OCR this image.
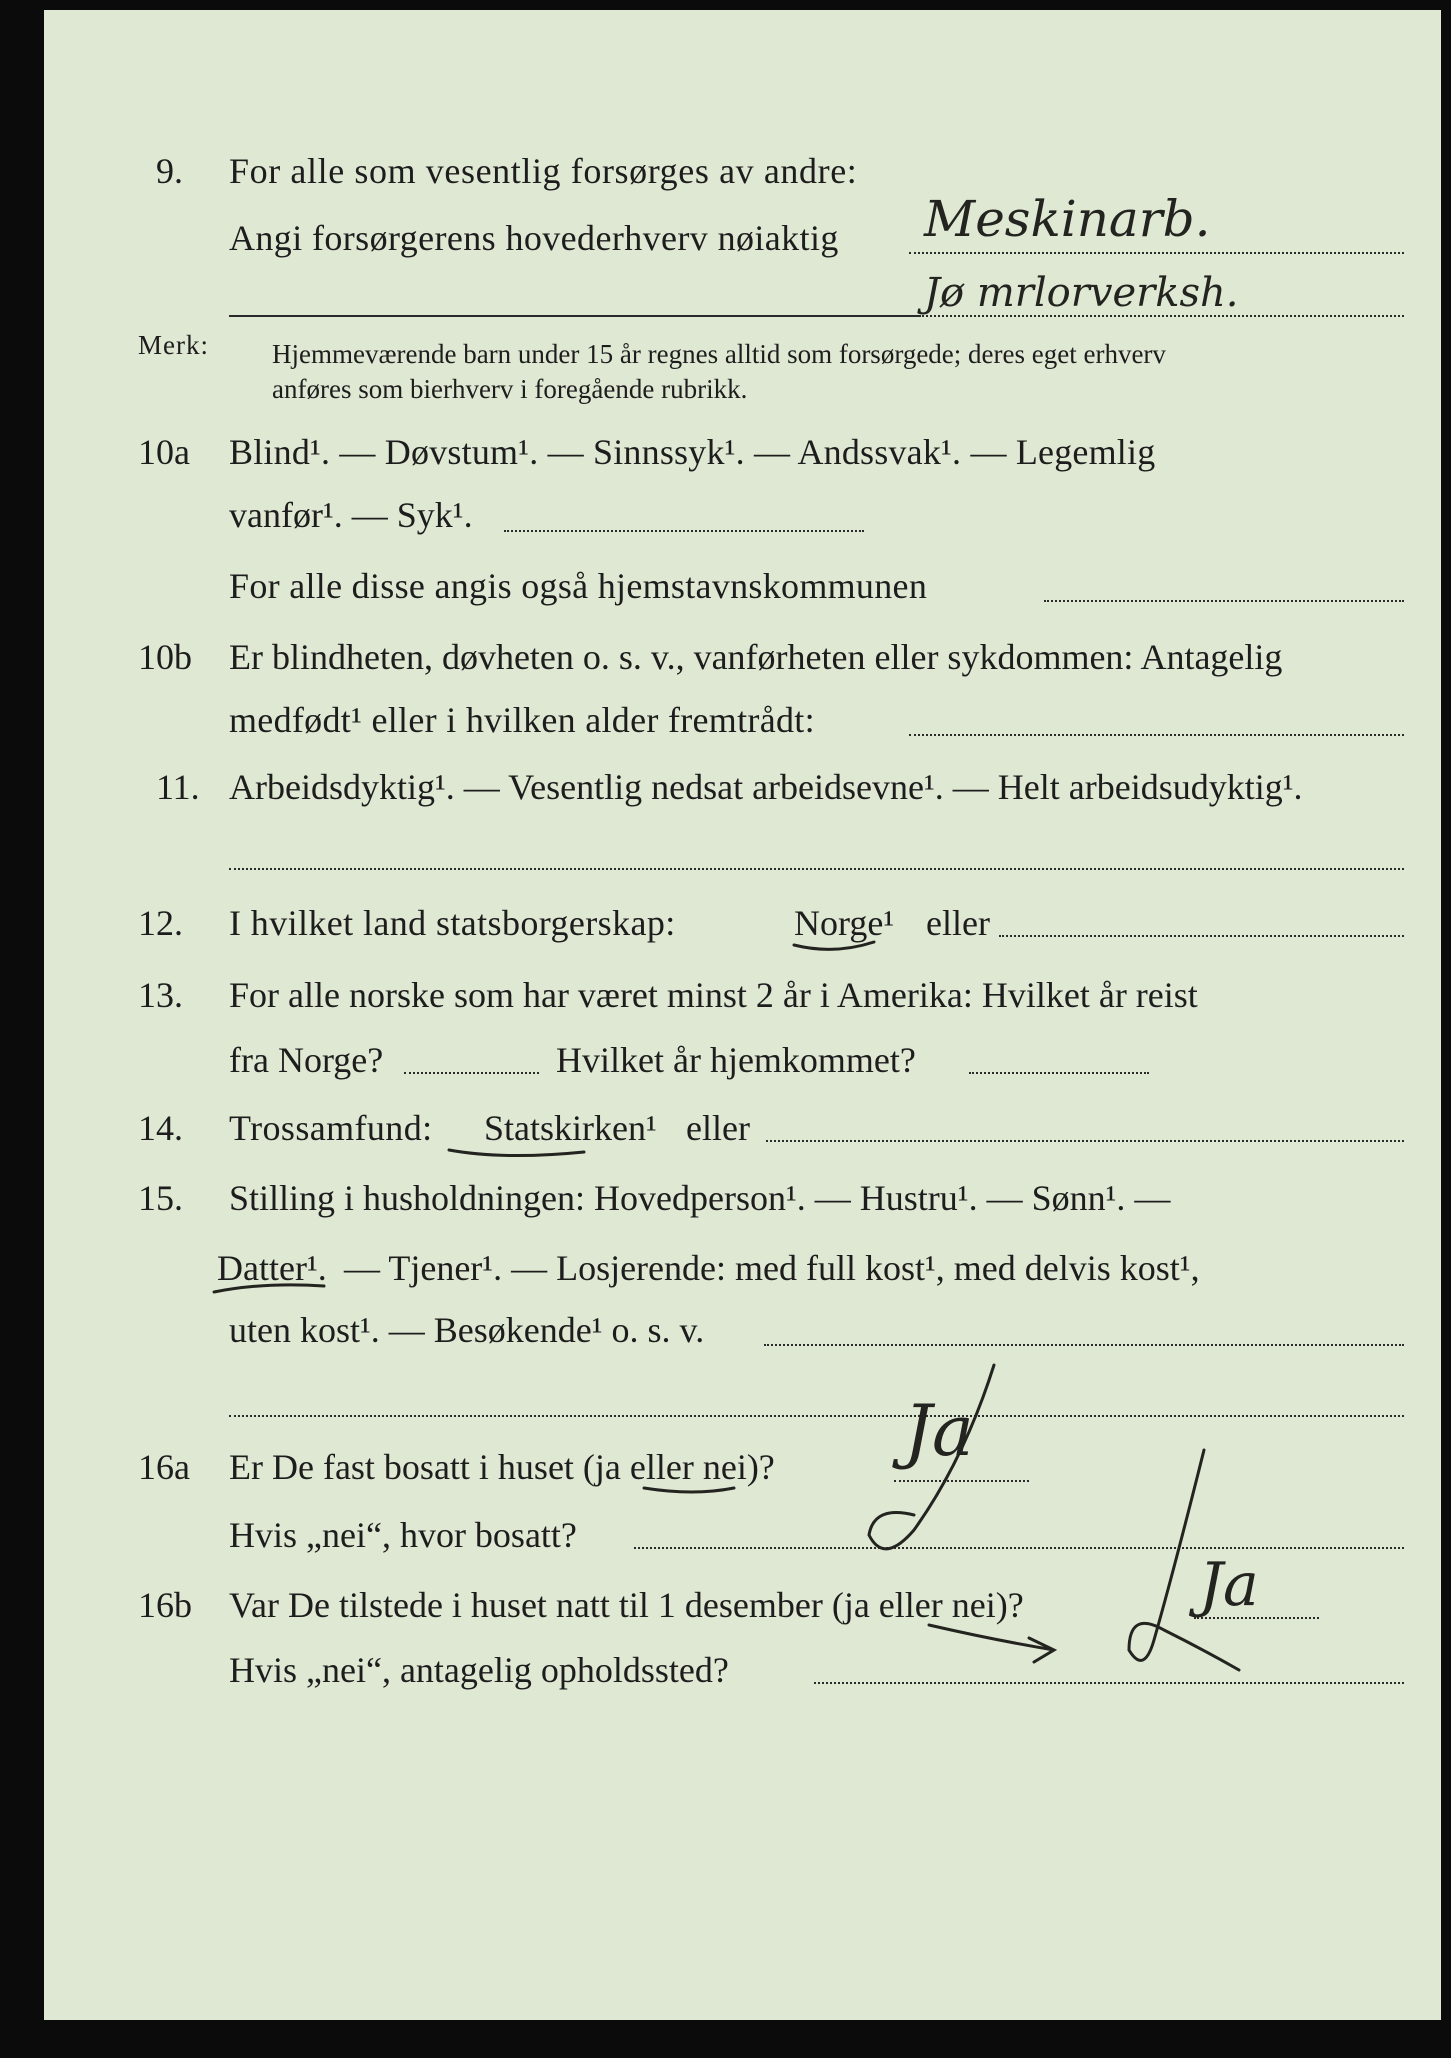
9. For alle som vesentlig forsørges av andre:
Angi forsørgerens hovederhverv nøiaktig Meskinarb.
Jø mrlorverksh.
Merk: Hjemmeværende barn under 15 år regnes alltid som forsørgede; deres eget erhverv
anføres som bierhverv i foregående rubrikk.
10a Blind¹. — Døvstum¹. — Sinnssyk¹. — Andssvak¹. — Legemlig
vanfør¹. — Syk¹.
For alle disse angis også hjemstavnskommunen
10b Er blindheten, døvheten o. s. v., vanførheten eller sykdommen: Antagelig
medfødt¹ eller i hvilken alder fremtrådt:
11. Arbeidsdyktig¹. — Vesentlig nedsat arbeidsevne¹. — Helt arbeidsudyktig¹.
12. I hvilket land statsborgerskap:	Norge¹ eller
13. For alle norske som har været minst 2 år i Amerika: Hvilket år reist
fra Norge?	Hvilket år hjemkommet?
14. Trossamfund: Statskirken¹ eller
15. Stilling i husholdningen: Hovedperson¹. — Hustru¹. — Sønn¹. —
Datter¹. — Tjener¹. — Losjerende: med full kost¹, med delvis kost¹,
uten kost¹. — Besøkende¹ o. s. v.
16a Er De fast bosatt i huset (ja eller nei)? Ja
Hvis „nei“, hvor bosatt?
16b Var De tilstede i huset natt til 1 desember (ja eller nei)?	Ja
Hvis „nei“, antagelig opholdssted?
